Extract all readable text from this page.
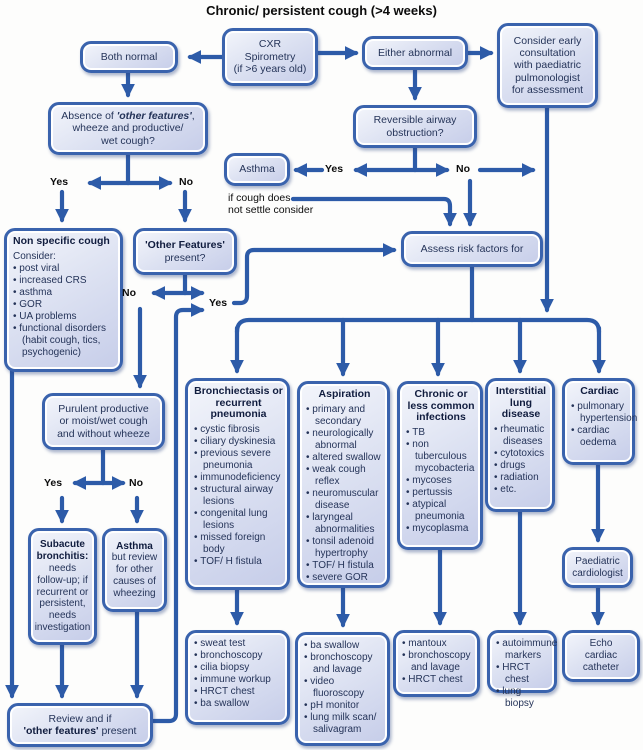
Chronic/ persistent cough (>4 weeks)
Both normal
CXR
Spirometry
(if >6 years old)
Either abnormal
Consider early
consultation
with paediatric
pulmonologist
for assessment
Absence of 'other features',
wheeze and productive/
wet cough?
Reversible airway
obstruction?
Asthma
Non specific cough
Consider:
• post viral
• increased CRS
• asthma
• GOR
• UA problems
• functional disorders (habit cough, tics, psychogenic)
'Other Features'
present?
Assess risk factors for
Purulent productive
or moist/wet cough
and without wheeze
Subacute bronchitis:
needs follow-up; if recurrent or persistent, needs investigation
Asthma
but review for other causes of wheezing
Review and if
'other features' present
Bronchiectasis or recurrent pneumonia
• cystic fibrosis
• ciliary dyskinesia
• previous severe pneumonia
• immunodeficiency
• structural airway lesions
• congenital lung lesions
• missed foreign body
• TOF/ H fistula
Aspiration
• primary and secondary
• neurologically abnormal
• altered swallow
• weak cough reflex
• neuromuscular disease
• laryngeal abnormalities
• tonsil adenoid hypertrophy
• TOF/ H fistula
• severe GOR
Chronic or less common infections
• TB
• non tuberculous mycobacteria
• mycoses
• pertussis
• atypical pneumonia
• mycoplasma
Interstitial lung disease
• rheumatic diseases
• cytotoxics
• drugs
• radiation
• etc.
Cardiac
• pulmonary hypertension
• cardiac oedema
Paediatric
cardiologist
• sweat test
• bronchoscopy
• cilia biopsy
• immune workup
• HRCT chest
• ba swallow
• ba swallow
• bronchoscopy and lavage
• video fluoroscopy
• pH monitor
• lung milk scan/ salivagram
• mantoux
• bronchoscopy and lavage
• HRCT chest
• autoimmune markers
• HRCT chest
• lung biopsy
Echo
cardiac
catheter
Yes	No
Yes	No
No
Yes
Yes	No
if cough does
not settle consider
